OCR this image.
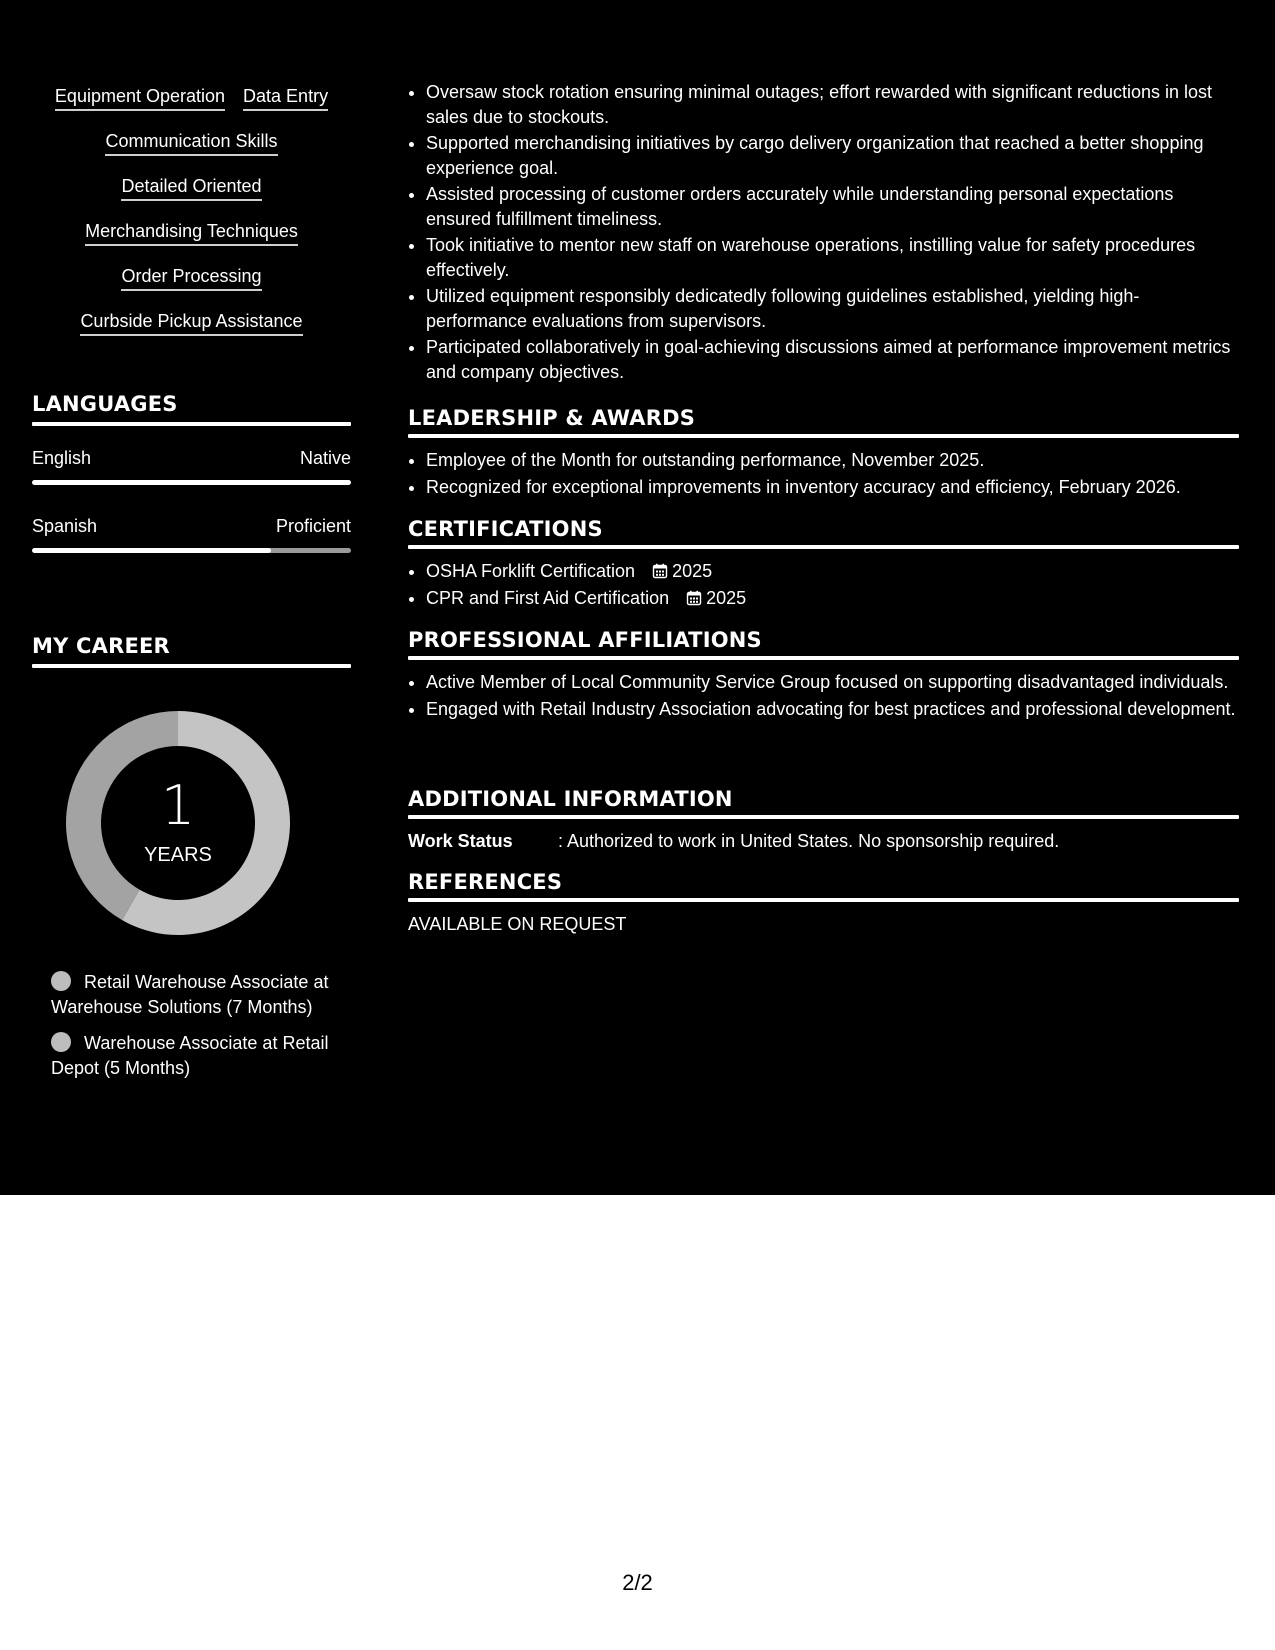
Equipment Operation Data Entry
Communication Skills
Detailed Oriented
Merchandising Techniques
Order Processing
Curbside Pickup Assistance
LANGUAGES
English	Native
Spanish	Proficient
MY CAREER
1
YEARS
Retail Warehouse Associate at Warehouse Solutions (7 Months)
Warehouse Associate at Retail Depot (5 Months)
• Oversaw stock rotation ensuring minimal outages; effort rewarded with significant reductions in lost sales due to stockouts.
• Supported merchandising initiatives by cargo delivery organization that reached a better shopping experience goal.
• Assisted processing of customer orders accurately while understanding personal expectations ensured fulfillment timeliness.
• Took initiative to mentor new staff on warehouse operations, instilling value for safety procedures effectively.
• Utilized equipment responsibly dedicatedly following guidelines established, yielding high-performance evaluations from supervisors.
• Participated collaboratively in goal-achieving discussions aimed at performance improvement metrics and company objectives.
LEADERSHIP & AWARDS
• Employee of the Month for outstanding performance, November 2025.
• Recognized for exceptional improvements in inventory accuracy and efficiency, February 2026.
CERTIFICATIONS
• OSHA Forklift Certification 2025
• CPR and First Aid Certification 2025
PROFESSIONAL AFFILIATIONS
• Active Member of Local Community Service Group focused on supporting disadvantaged individuals.
• Engaged with Retail Industry Association advocating for best practices and professional development.
ADDITIONAL INFORMATION
Work Status	: Authorized to work in United States. No sponsorship required.
REFERENCES
AVAILABLE ON REQUEST
2/2
